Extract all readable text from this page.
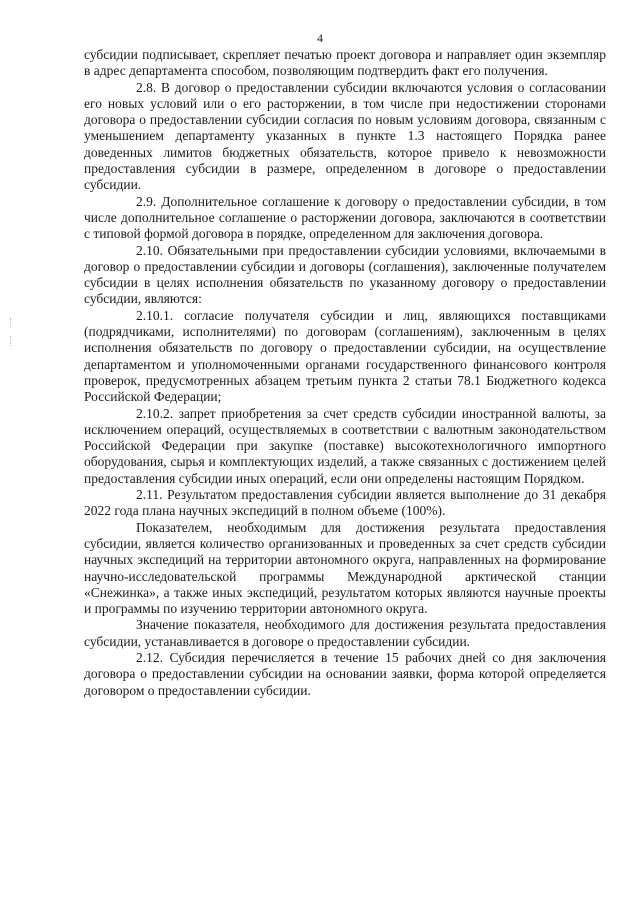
4

субсидии подписывает, скрепляет печатью проект договора и направляет один экземпляр в адрес департамента способом, позволяющим подтвердить факт его получения.

2.8. В договор о предоставлении субсидии включаются условия о согласовании его новых условий или о его расторжении, в том числе при недостижении сторонами договора о предоставлении субсидии согласия по новым условиям договора, связанным с уменьшением департаменту указанных в пункте 1.3 настоящего Порядка ранее доведенных лимитов бюджетных обязательств, которое привело к невозможности предоставления субсидии в размере, определенном в договоре о предоставлении субсидии.

2.9. Дополнительное соглашение к договору о предоставлении субсидии, в том числе дополнительное соглашение о расторжении договора, заключаются в соответствии с типовой формой договора в порядке, определенном для заключения договора.

2.10. Обязательными при предоставлении субсидии условиями, включаемыми в договор о предоставлении субсидии и договоры (соглашения), заключенные получателем субсидии в целях исполнения обязательств по указанному договору о предоставлении субсидии, являются:

2.10.1. согласие получателя субсидии и лиц, являющихся поставщиками (подрядчиками, исполнителями) по договорам (соглашениям), заключенным в целях исполнения обязательств по договору о предоставлении субсидии, на осуществление департаментом и уполномоченными органами государственного финансового контроля проверок, предусмотренных абзацем третьим пункта 2 статьи 78.1 Бюджетного кодекса Российской Федерации;

2.10.2. запрет приобретения за счет средств субсидии иностранной валюты, за исключением операций, осуществляемых в соответствии с валютным законодательством Российской Федерации при закупке (поставке) высокотехнологичного импортного оборудования, сырья и комплектующих изделий, а также связанных с достижением целей предоставления субсидии иных операций, если они определены настоящим Порядком.

2.11. Результатом предоставления субсидии является выполнение до 31 декабря 2022 года плана научных экспедиций в полном объеме (100%).

Показателем, необходимым для достижения результата предоставления субсидии, является количество организованных и проведенных за счет средств субсидии научных экспедиций на территории автономного округа, направленных на формирование научно-исследовательской программы Международной арктической станции «Снежинка», а также иных экспедиций, результатом которых являются научные проекты и программы по изучению территории автономного округа.

Значение показателя, необходимого для достижения результата предоставления субсидии, устанавливается в договоре о предоставлении субсидии.

2.12. Субсидия перечисляется в течение 15 рабочих дней со дня заключения договора о предоставлении субсидии на основании заявки, форма которой определяется договором о предоставлении субсидии.
